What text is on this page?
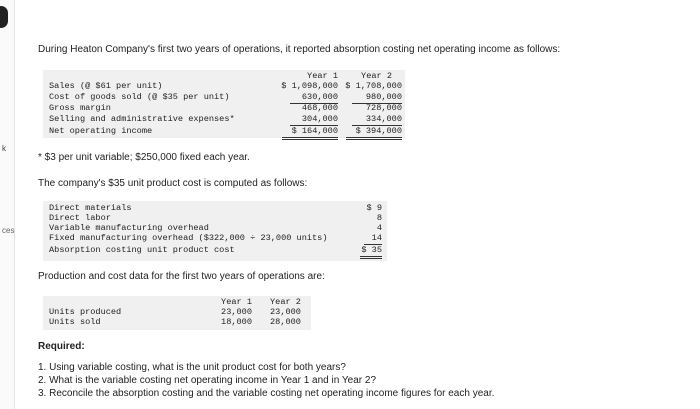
k
ces
During Heaton Company's first two years of operations, it reported absorption costing net operating income as follows:
Year 1	Year 2
Sales (@ $61 per unit)	$ 1,098,000 $ 1,708,000
Cost of goods sold (@ $35 per unit)	630,000	980,000
Gross margin	468,000	728,000
Selling and administrative expenses*	304,000	334,000
Net operating income	$ 164,000	$ 394,000
* $3 per unit variable; $250,000 fixed each year.
The company's $35 unit product cost is computed as follows:
Direct materials	$ 9
Direct labor	8
Variable manufacturing overhead	4
Fixed manufacturing overhead ($322,000 ÷ 23,000 units)	14
Absorption costing unit product cost	$ 35
Production and cost data for the first two years of operations are:
Year 1 Year 2
Units produced	23,000 23,000
Units sold	18,000 28,000
Required:
1. Using variable costing, what is the unit product cost for both years?
2. What is the variable costing net operating income in Year 1 and in Year 2?
3. Reconcile the absorption costing and the variable costing net operating income figures for each year.
